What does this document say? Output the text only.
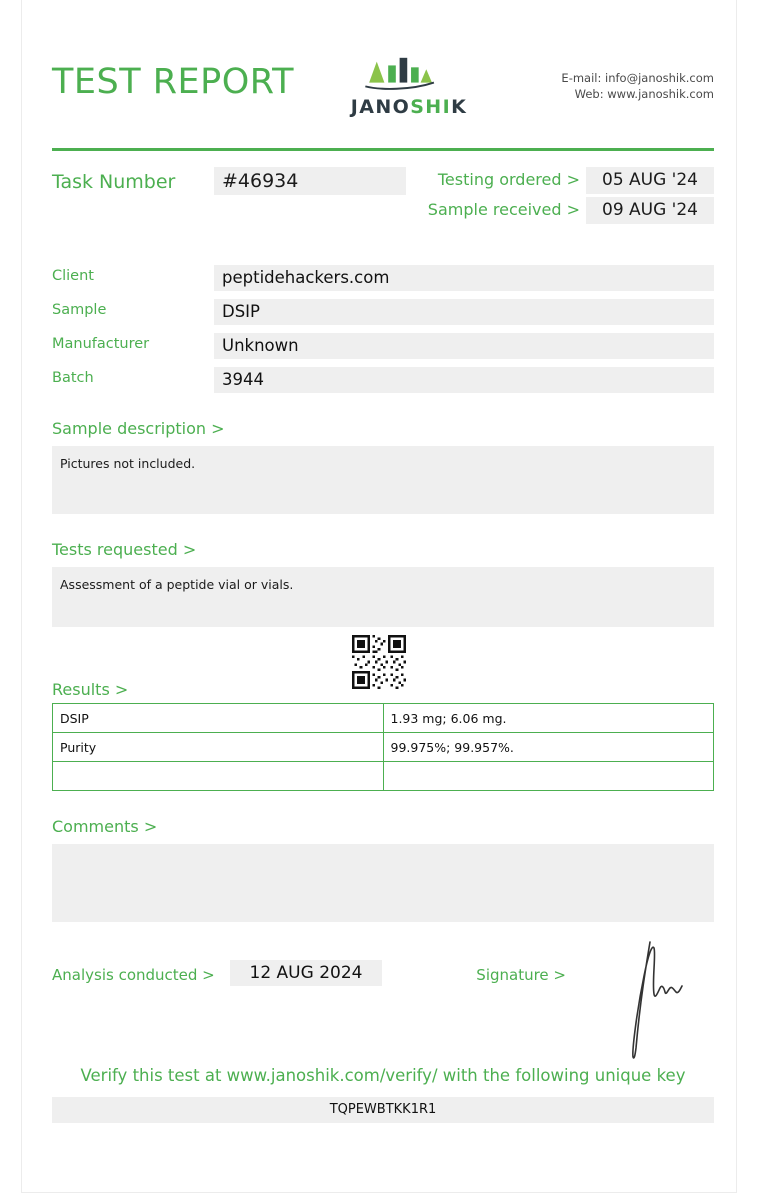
TEST REPORT
JANOSHIK
E-mail: info@janoshik.com
Web: www.janoshik.com
Task Number	#46934	Testing ordered > 05 AUG '24
Sample received > 09 AUG '24
Client	peptidehackers.com
Sample	DSIP
Manufacturer	Unknown
Batch	3944
Sample description >
Pictures not included.
Tests requested >
Assessment of a peptide vial or vials.
Results >
DSIP	1.93 mg; 6.06 mg.
Purity	99.975%; 99.957%.

Comments >
Analysis conducted >	12 AUG 2024	Signature >
Verify this test at www.janoshik.com/verify/ with the following unique key
TQPEWBTKK1R1
